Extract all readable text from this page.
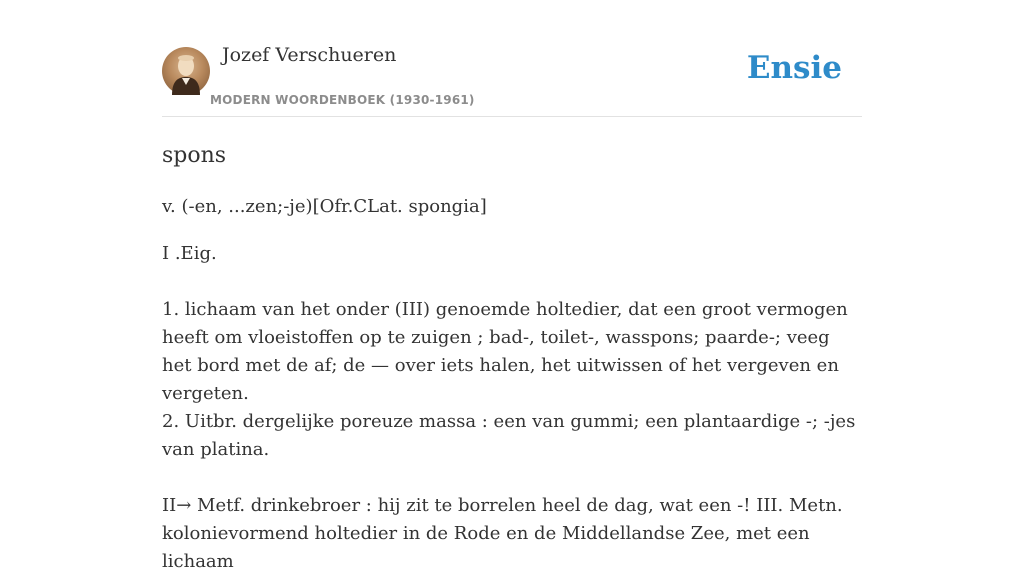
Jozef Verschueren
MODERN WOORDENBOEK (1930-1961)
Ensie
spons
v. (-en, ...zen;-je)[Ofr.CLat. spongia]
I .Eig.
1. lichaam van het onder (III) genoemde holtedier, dat een groot vermogen heeft om vloeistoffen op te zuigen ; bad-, toilet-, wasspons; paarde-; veeg het bord met de af; de — over iets halen, het uitwissen of het vergeven en vergeten.
2. Uitbr. dergelijke poreuze massa : een van gummi; een plantaardige -; -jes van platina.
II→ Metf. drinkebroer : hij zit te borrelen heel de dag, wat een -! III. Metn. kolonievormend holtedier in de Rode en de Middellandse Zee, met een lichaam
